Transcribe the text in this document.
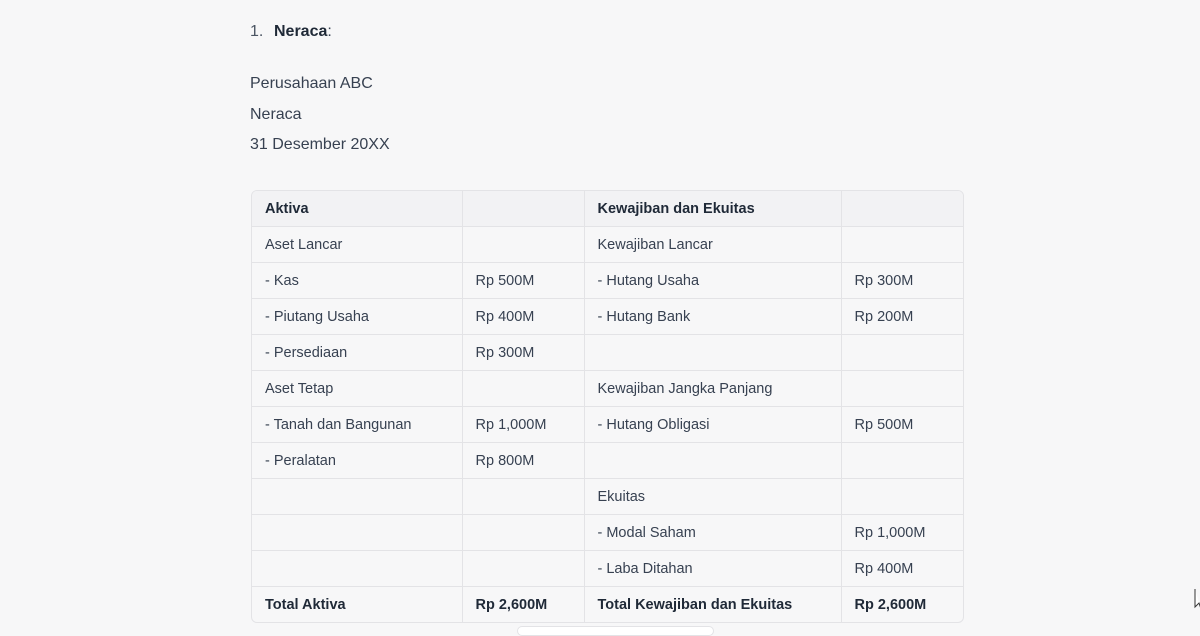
1. Neraca:
Perusahaan ABC
Neraca
31 Desember 20XX
Aktiva		Kewajiban dan Ekuitas	
Aset Lancar		Kewajiban Lancar	
- Kas	Rp 500M	- Hutang Usaha	Rp 300M
- Piutang Usaha	Rp 400M	- Hutang Bank	Rp 200M
- Persediaan	Rp 300M		
Aset Tetap		Kewajiban Jangka Panjang	
- Tanah dan Bangunan	Rp 1,000M	- Hutang Obligasi	Rp 500M
- Peralatan	Rp 800M		
		Ekuitas	
		- Modal Saham	Rp 1,000M
		- Laba Ditahan	Rp 400M
Total Aktiva	Rp 2,600M	Total Kewajiban dan Ekuitas	Rp 2,600M
